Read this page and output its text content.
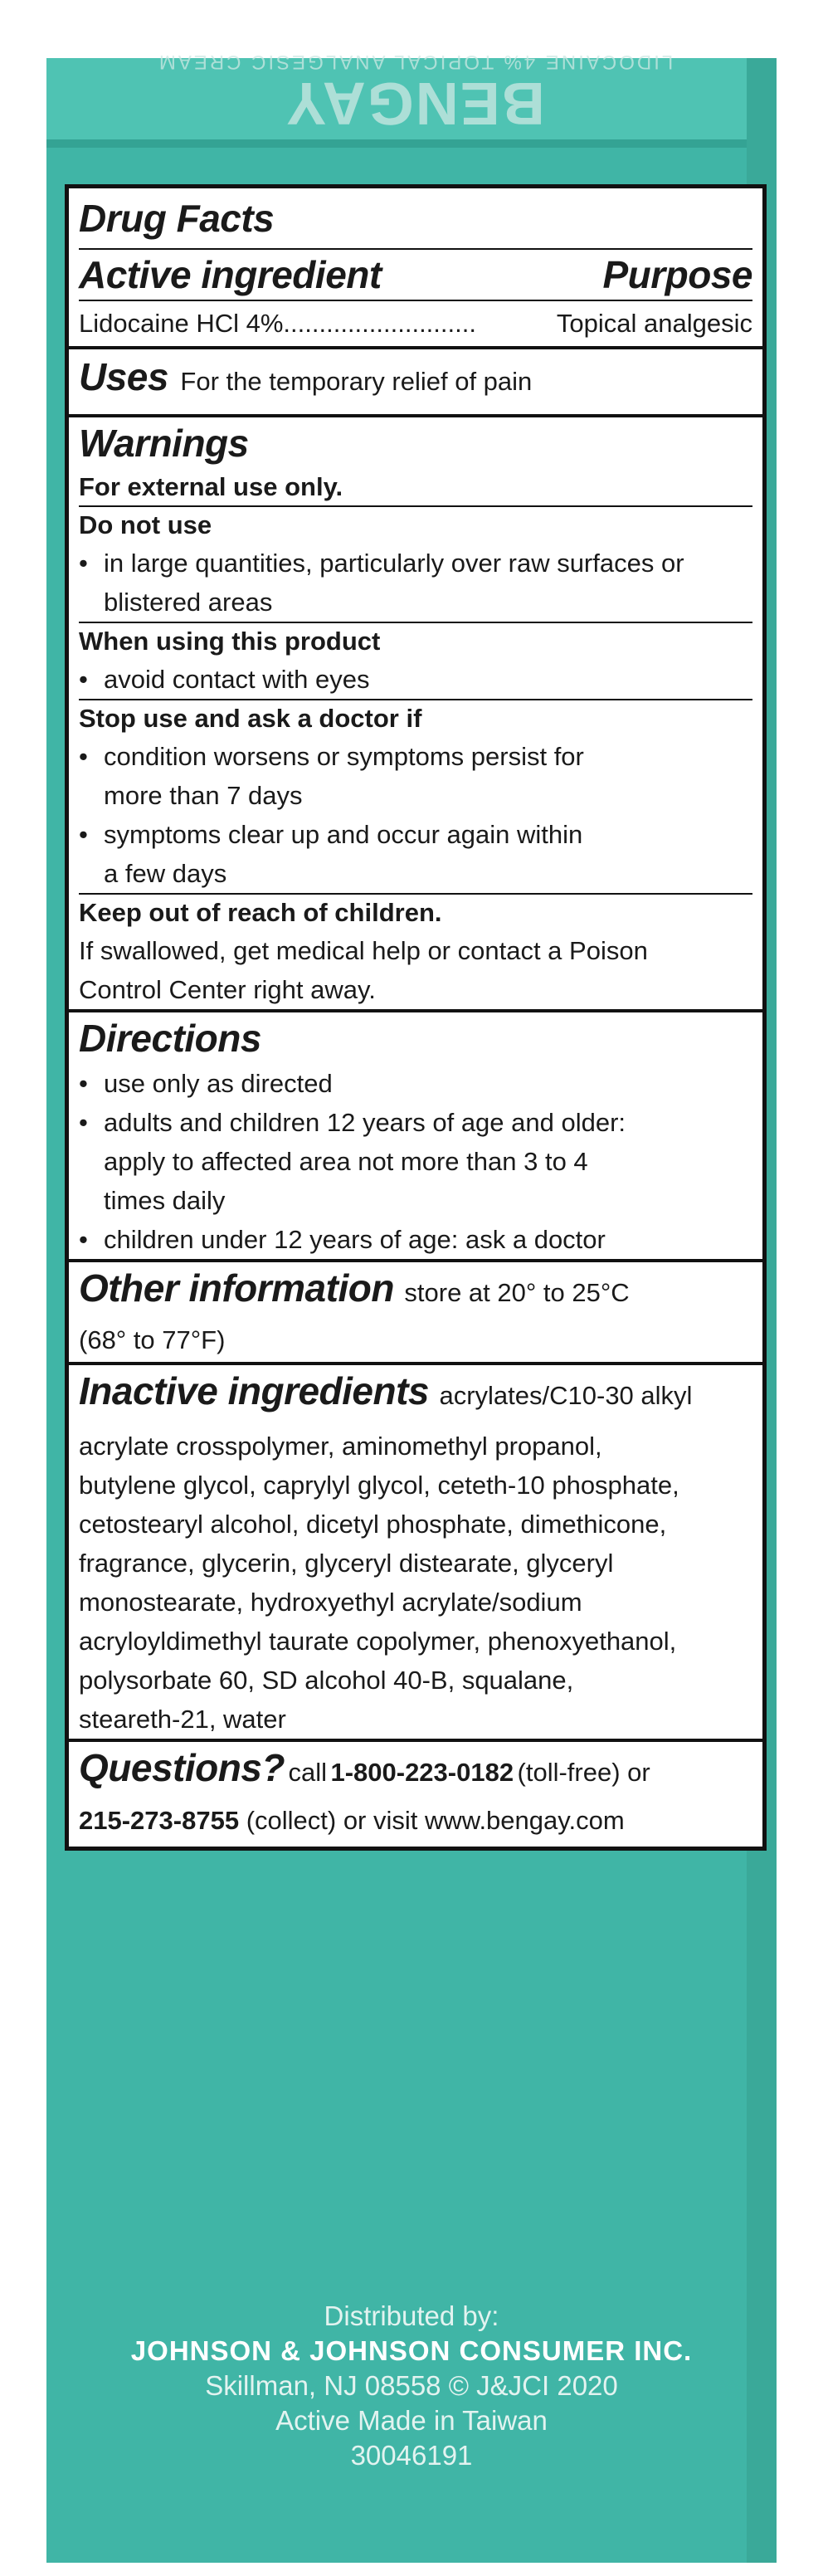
BENGAY
LIDOCAINE 4% TOPICAL ANALGESIC CREAM
Drug Facts
Active ingredient	Purpose
Lidocaine HCl 4% ...........................	Topical analgesic
Uses For the temporary relief of pain
Warnings
For external use only.
Do not use
• in large quantities, particularly over raw surfaces or
blistered areas
When using this product
• avoid contact with eyes
Stop use and ask a doctor if
• condition worsens or symptoms persist for
more than 7 days
• symptoms clear up and occur again within
a few days
Keep out of reach of children.
If swallowed, get medical help or contact a Poison
Control Center right away.
Directions
• use only as directed
• adults and children 12 years of age and older:
apply to affected area not more than 3 to 4
times daily
• children under 12 years of age: ask a doctor
Other information store at 20° to 25°C
(68° to 77°F)
Inactive ingredients acrylates/C10-30 alkyl
acrylate crosspolymer, aminomethyl propanol,
butylene glycol, caprylyl glycol, ceteth-10 phosphate,
cetostearyl alcohol, dicetyl phosphate, dimethicone,
fragrance, glycerin, glyceryl distearate, glyceryl
monostearate, hydroxyethyl acrylate/sodium
acryloyldimethyl taurate copolymer, phenoxyethanol,
polysorbate 60, SD alcohol 40-B, squalane,
steareth-21, water
Questions? call 1-800-223-0182 (toll-free) or
215-273-8755 (collect) or visit www.bengay.com
Distributed by:
JOHNSON & JOHNSON CONSUMER INC.
Skillman, NJ 08558 © J&JCI 2020
Active Made in Taiwan
30046191
